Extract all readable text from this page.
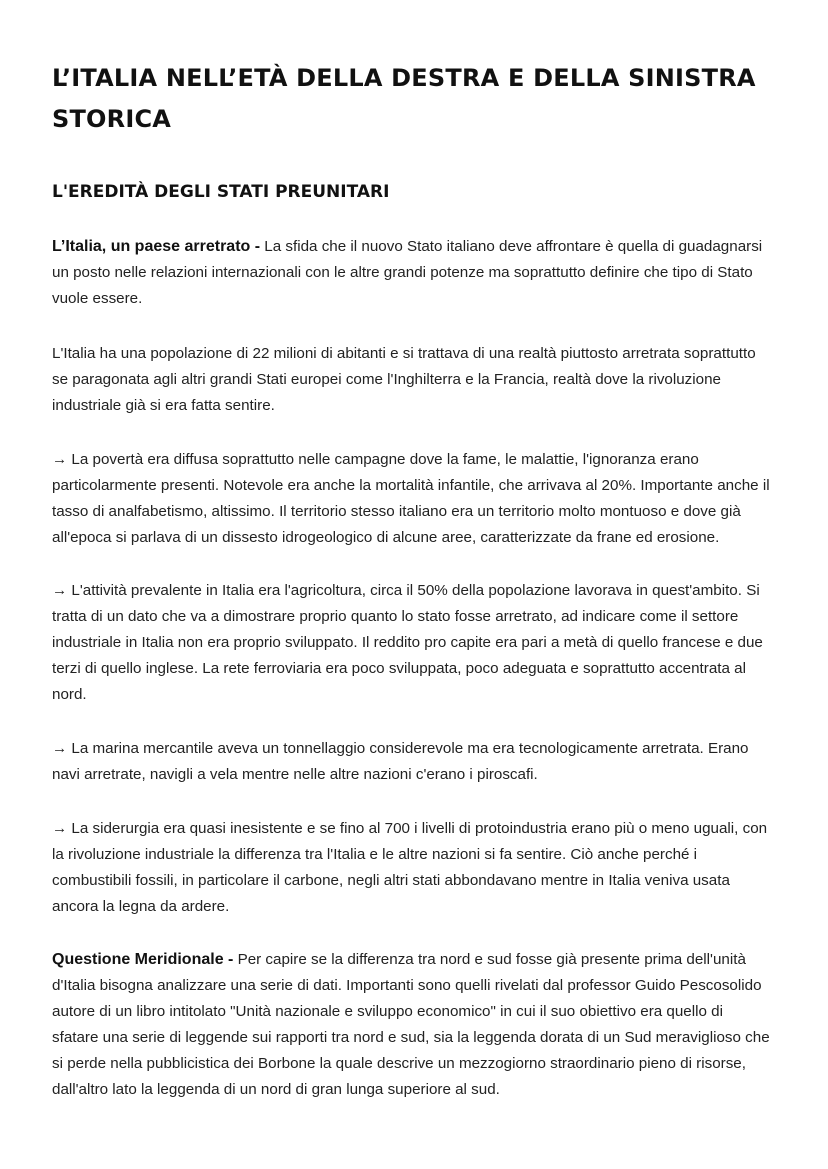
L’ITALIA NELL’ETÀ DELLA DESTRA E DELLA SINISTRA STORICA
L'EREDITÀ DEGLI STATI PREUNITARI

L’Italia, un paese arretrato - La sfida che il nuovo Stato italiano deve affrontare è quella di guadagnarsi un posto nelle relazioni internazionali con le altre grandi potenze ma soprattutto definire che tipo di Stato vuole essere.

L'Italia ha una popolazione di 22 milioni di abitanti e si trattava di una realtà piuttosto arretrata soprattutto se paragonata agli altri grandi Stati europei come l'Inghilterra e la Francia, realtà dove la rivoluzione industriale già si era fatta sentire.

→ La povertà era diffusa soprattutto nelle campagne dove la fame, le malattie, l'ignoranza erano particolarmente presenti. Notevole era anche la mortalità infantile, che arrivava al 20%. Importante anche il tasso di analfabetismo, altissimo. Il territorio stesso italiano era un territorio molto montuoso e dove già all'epoca si parlava di un dissesto idrogeologico di alcune aree, caratterizzate da frane ed erosione.

→ L'attività prevalente in Italia era l'agricoltura, circa il 50% della popolazione lavorava in quest'ambito. Si tratta di un dato che va a dimostrare proprio quanto lo stato fosse arretrato, ad indicare come il settore industriale in Italia non era proprio sviluppato. Il reddito pro capite era pari a metà di quello francese e due terzi di quello inglese. La rete ferroviaria era poco sviluppata, poco adeguata e soprattutto accentrata al nord.

→ La marina mercantile aveva un tonnellaggio considerevole ma era tecnologicamente arretrata. Erano navi arretrate, navigli a vela mentre nelle altre nazioni c'erano i piroscafi.

→ La siderurgia era quasi inesistente e se fino al 700 i livelli di protoindustria erano più o meno uguali, con la rivoluzione industriale la differenza tra l'Italia e le altre nazioni si fa sentire. Ciò anche perché i combustibili fossili, in particolare il carbone, negli altri stati abbondavano mentre in Italia veniva usata ancora la legna da ardere.

Questione Meridionale - Per capire se la differenza tra nord e sud fosse già presente prima dell'unità d'Italia bisogna analizzare una serie di dati. Importanti sono quelli rivelati dal professor Guido Pescosolido autore di un libro intitolato "Unità nazionale e sviluppo economico" in cui il suo obiettivo era quello di sfatare una serie di leggende sui rapporti tra nord e sud, sia la leggenda dorata di un Sud meraviglioso che si perde nella pubblicistica dei Borbone la quale descrive un mezzogiorno straordinario pieno di risorse, dall'altro lato la leggenda di un nord di gran lunga superiore al sud.
